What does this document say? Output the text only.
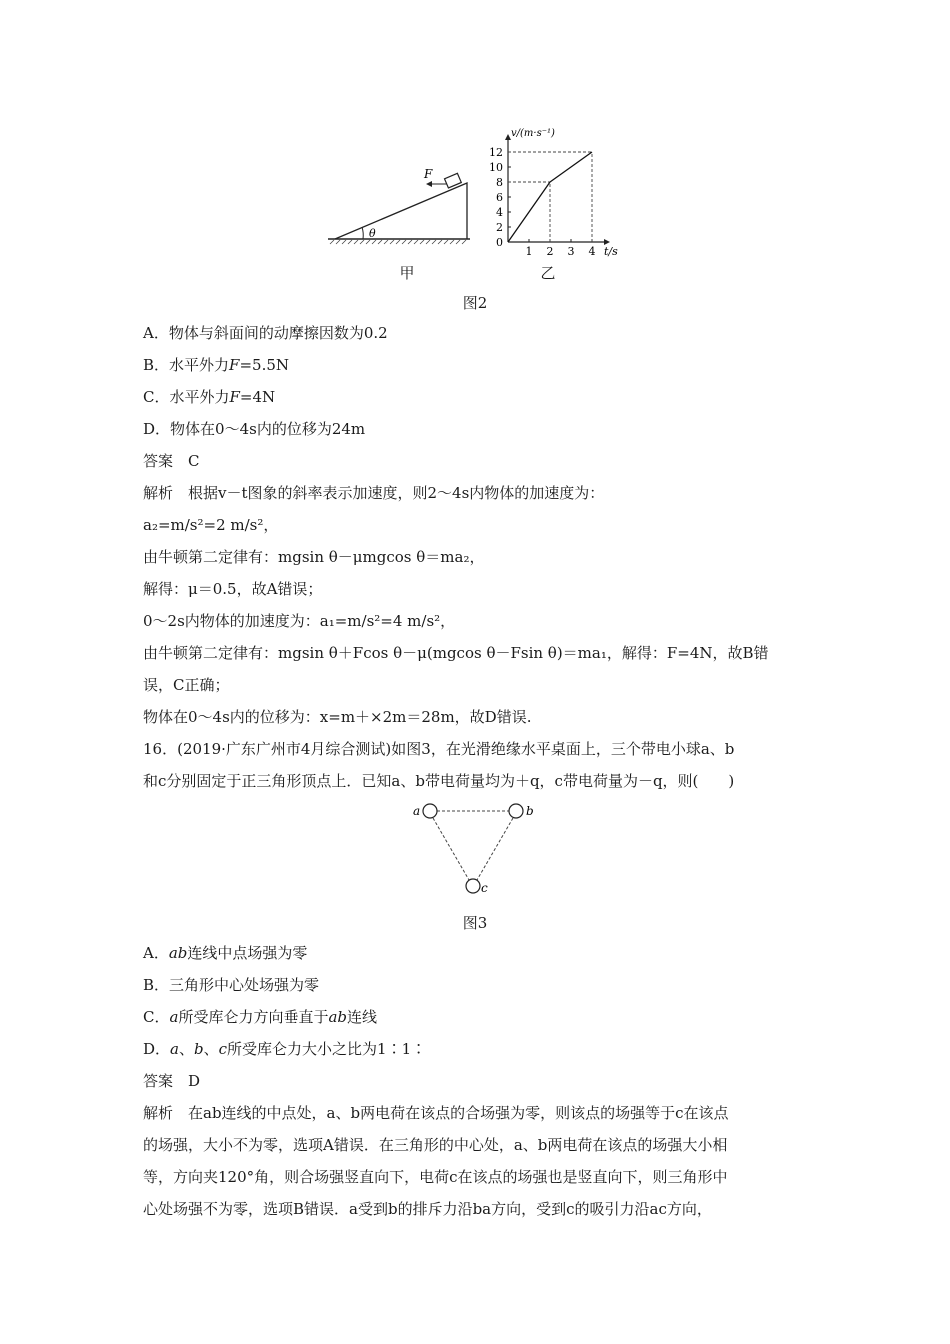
θ
F
甲
0
2
4
6
8
10
12
1 2 3 4
v/(m·s⁻¹)
t/s
乙
图2
A．物体与斜面间的动摩擦因数为0.2
B．水平外力F=5.5N
C．水平外力F=4N
D．物体在0～4s内的位移为24m
答案　C
解析　根据v－t图象的斜率表示加速度，则2～4s内物体的加速度为：
a₂=m/s²=2 m/s²，
由牛顿第二定律有：mgsin θ－μmgcos θ＝ma₂，
解得：μ＝0.5，故A错误；
0～2s内物体的加速度为：a₁=m/s²=4 m/s²，
由牛顿第二定律有：mgsin θ＋Fcos θ－μ(mgcos θ－Fsin θ)＝ma₁，解得：F=4N，故B错
误，C正确；
物体在0～4s内的位移为：x=m＋×2m＝28m，故D错误.
16．(2019·广东广州市4月综合测试)如图3，在光滑绝缘水平桌面上，三个带电小球a、b
和c分别固定于正三角形顶点上．已知a、b带电荷量均为＋q，c带电荷量为－q，则(　　)
a	b
c
图3
A．ab连线中点场强为零
B．三角形中心处场强为零
C．a所受库仑力方向垂直于ab连线
D．a、b、c所受库仑力大小之比为1∶1∶
答案　D
解析　在ab连线的中点处，a、b两电荷在该点的合场强为零，则该点的场强等于c在该点
的场强，大小不为零，选项A错误．在三角形的中心处，a、b两电荷在该点的场强大小相
等，方向夹120°角，则合场强竖直向下，电荷c在该点的场强也是竖直向下，则三角形中
心处场强不为零，选项B错误．a受到b的排斥力沿ba方向，受到c的吸引力沿ac方向，
